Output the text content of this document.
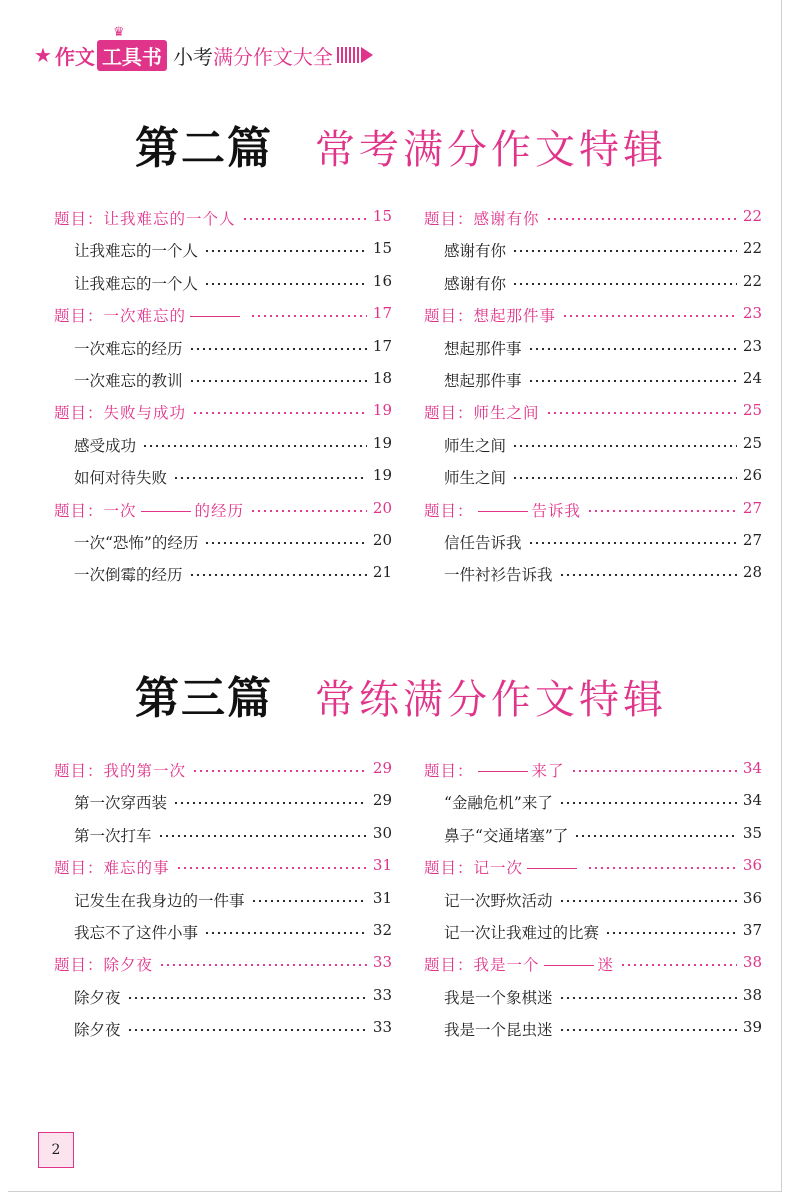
★ 作文 ♛ 工具书 小考 满分作文大全
第二篇 常考满分作文特辑
题目：让我难忘的一个人	15
让我难忘的一个人	15
让我难忘的一个人	16
题目：一次难忘的	17
一次难忘的经历	17
一次难忘的教训	18
题目：失败与成功	19
感受成功	19
如何对待失败	19
题目：一次	的经历	20
一次“恐怖”的经历	20
一次倒霉的经历	21
题目：感谢有你	22
感谢有你	22
感谢有你	22
题目：想起那件事	23
想起那件事	23
想起那件事	24
题目：师生之间	25
师生之间	25
师生之间	26
题目：	告诉我	27
信任告诉我	27
一件衬衫告诉我	28
第三篇 常练满分作文特辑
题目：我的第一次	29
第一次穿西装	29
第一次打车	30
题目：难忘的事	31
记发生在我身边的一件事	31
我忘不了这件小事	32
题目：除夕夜	33
除夕夜	33
除夕夜	33
题目：	来了	34
“金融危机”来了	34
鼻子“交通堵塞”了	35
题目：记一次	36
记一次野炊活动	36
记一次让我难过的比赛	37
题目：我是一个	迷	38
我是一个象棋迷	38
我是一个昆虫迷	39
2
